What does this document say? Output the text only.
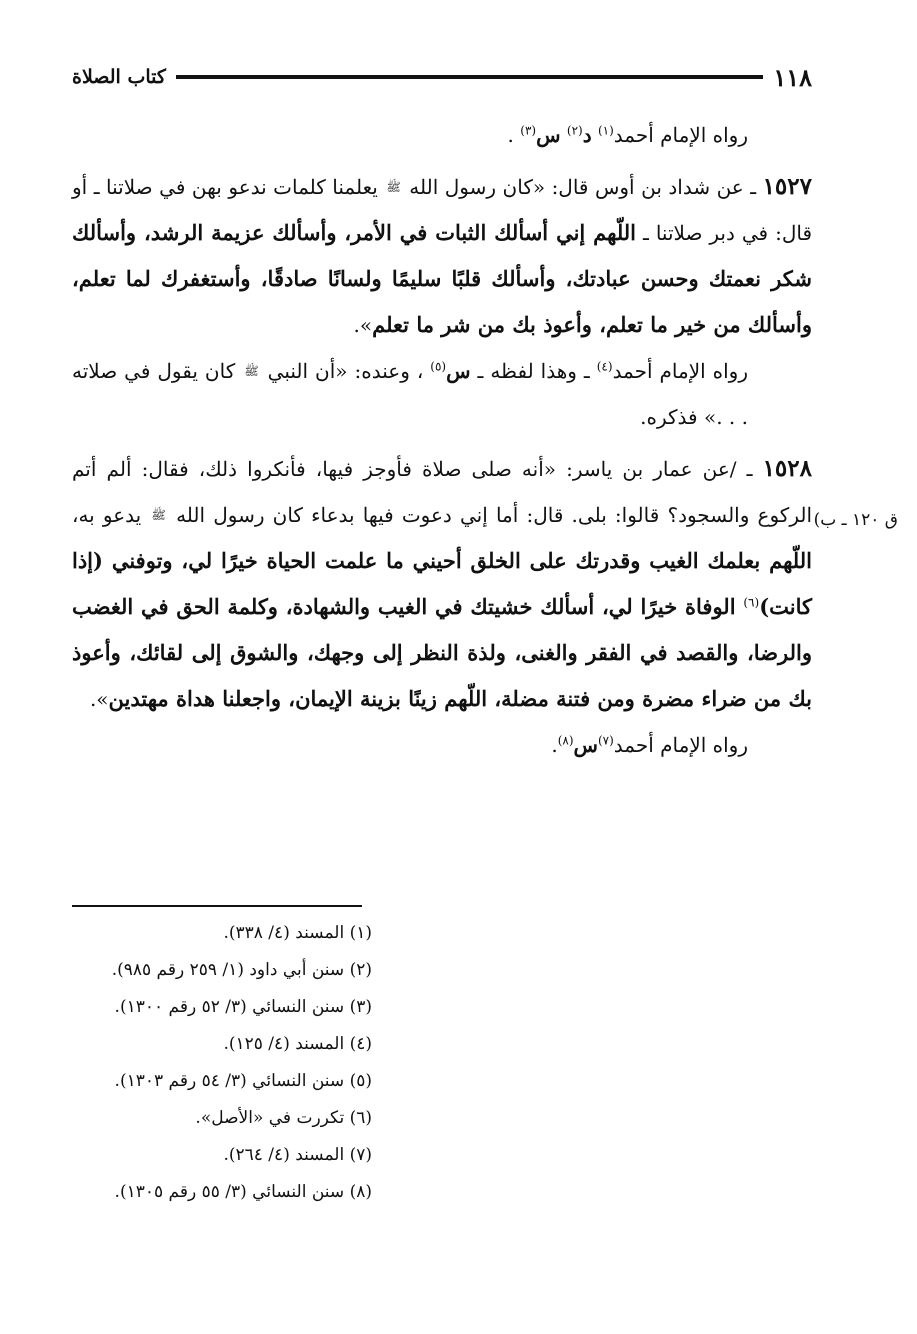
١١٨
كتاب الصلاة

رواه الإمام أحمد$^{(١)}$ د$^{(٢)}$ س$^{(٣)}$ .

١٥٢٧ ـ عن شداد بن أوس قال: «كان رسول الله ﷺ يعلمنا كلمات ندعو بهن في صلاتنا ـ أو قال: في دبر صلاتنا ـ اللّهم إني أسألك الثبات في الأمر، وأسألك عزيمة الرشد، وأسألك شكر نعمتك وحسن عبادتك، وأسألك قلبًا سليمًا ولسانًا صادقًا، وأستغفرك لما تعلم، وأسألك من خير ما تعلم، وأعوذ بك من شر ما تعلم».

رواه الإمام أحمد$^{(٤)}$ ـ وهذا لفظه ـ س$^{(٥)}$ ، وعنده: «أن النبي ﷺ كان يقول في صلاته . . .» فذكره.

١٥٢٨ ـ /عن عمار بن ياسر: «أنه صلى صلاة فأوجز فيها، فأنكروا ذلك، فقال: ألم أتم الركوع والسجود؟ قالوا: بلى. قال: أما إني دعوت فيها بدعاء كان رسول الله ﷺ يدعو به، اللّهم بعلمك الغيب وقدرتك على الخلق أحيني ما علمت الحياة خيرًا لي، وتوفني (إذا كانت)$^{(٦)}$ الوفاة خيرًا لي، أسألك خشيتك في الغيب والشهادة، وكلمة الحق في الغضب والرضا، والقصد في الفقر والغنى، ولذة النظر إلى وجهك، والشوق إلى لقائك، وأعوذ بك من ضراء مضرة ومن فتنة مضلة، اللّهم زينًا بزينة الإيمان، واجعلنا هداة مهتدين».

رواه الإمام أحمد$^{(٧)}$س$^{(٨)}$.

ق ١٢٠ ـ ب)
(١) المسند (٤/ ٣٣٨).
(٢) سنن أبي داود (١/ ٢٥٩ رقم ٩٨٥).
(٣) سنن النسائي (٣/ ٥٢ رقم ١٣٠٠).
(٤) المسند (٤/ ١٢٥).
(٥) سنن النسائي (٣/ ٥٤ رقم ١٣٠٣).
(٦) تكررت في «الأصل».
(٧) المسند (٤/ ٢٦٤).
(٨) سنن النسائي (٣/ ٥٥ رقم ١٣٠٥).
